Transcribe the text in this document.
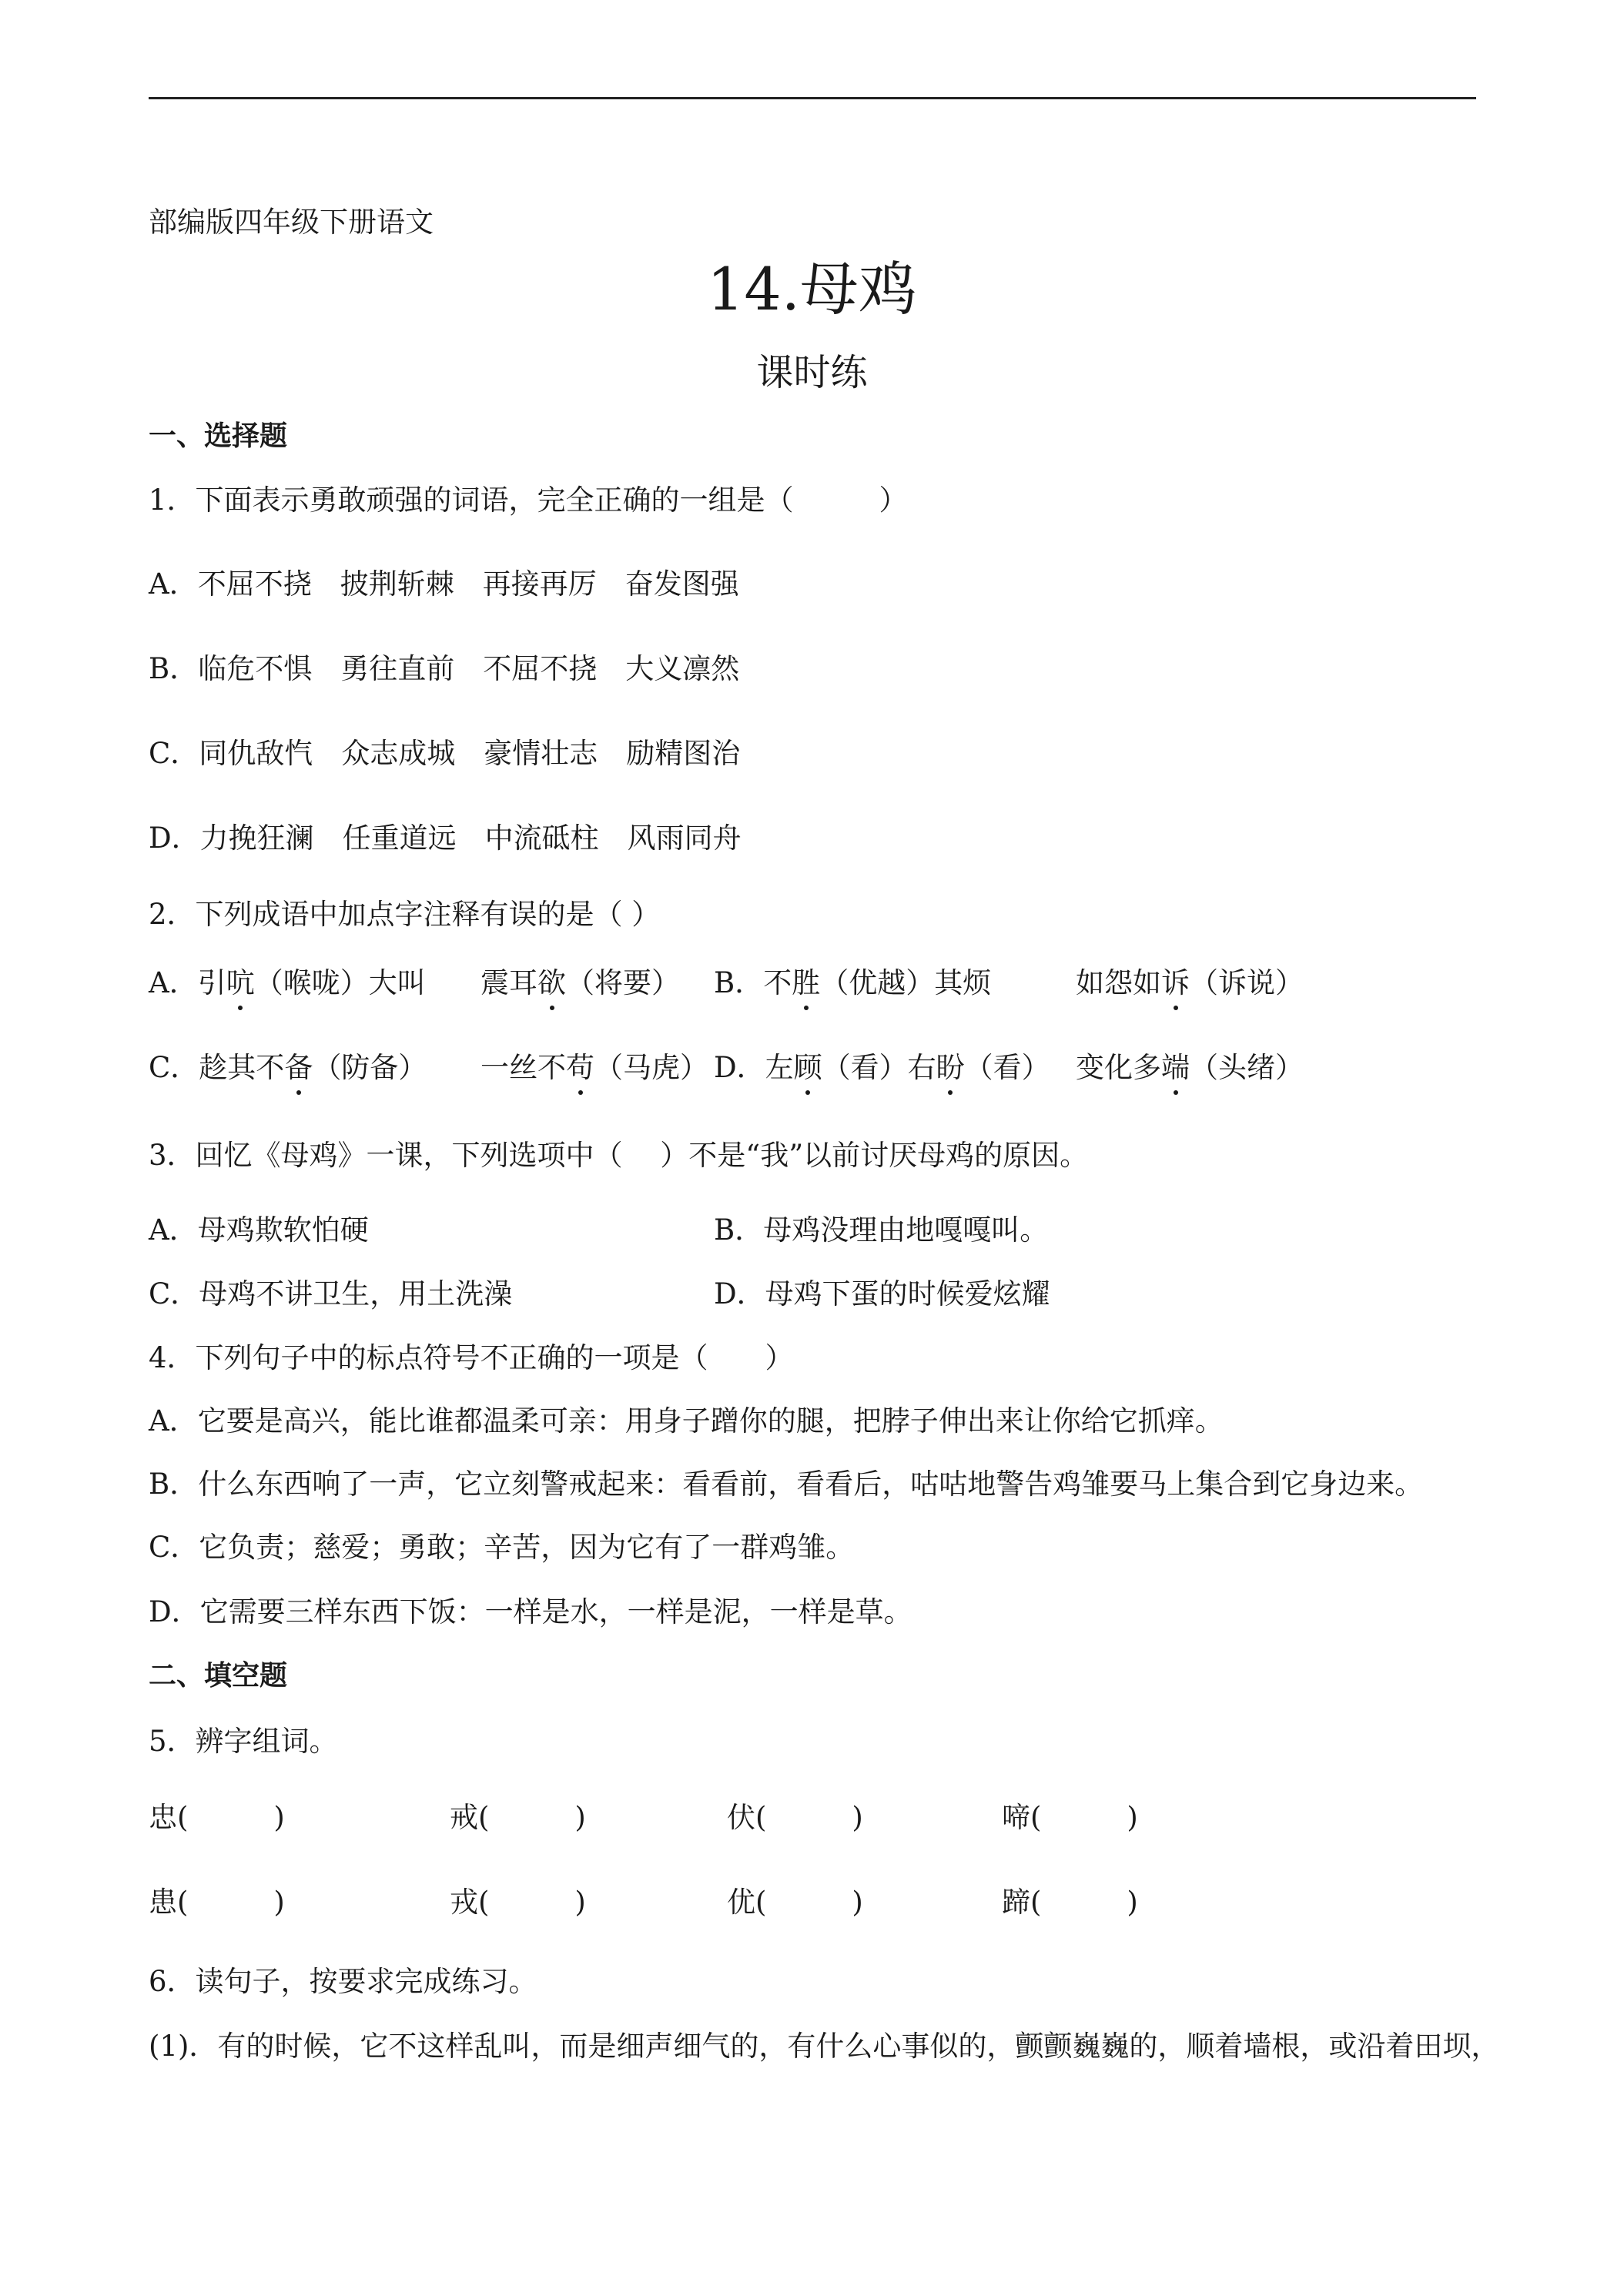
部编版四年级下册语文
14.母鸡
课时练
一、选择题
1．下面表示勇敢顽强的词语，完全正确的一组是（　　　）
A．不屈不挠　披荆斩棘　再接再厉　奋发图强
B．临危不惧　勇往直前　不屈不挠　大义凛然
C．同仇敌忾　众志成城　豪情壮志　励精图治
D．力挽狂澜　任重道远　中流砥柱　风雨同舟
2．下列成语中加点字注释有误的是（ ）
A．引吭（喉咙）大叫 震耳欲（将要） B．不胜（优越）其烦	如怨如诉（诉说）
C．趁其不备（防备） 一丝不苟（马虎） D．左顾（看）右盼（看） 变化多端（头绪）
3．回忆《母鸡》一课，下列选项中（　 ）不是“我”以前讨厌母鸡的原因。
A．母鸡欺软怕硬	B．母鸡没理由地嘎嘎叫。
C．母鸡不讲卫生，用土洗澡	D．母鸡下蛋的时候爱炫耀
4．下列句子中的标点符号不正确的一项是（　　）
A．它要是高兴，能比谁都温柔可亲：用身子蹭你的腿，把脖子伸出来让你给它抓痒。
B．什么东西响了一声，它立刻警戒起来：看看前，看看后，咕咕地警告鸡雏要马上集合到它身边来。
C．它负责；慈爱；勇敢；辛苦，因为它有了一群鸡雏。
D．它需要三样东西下饭：一样是水，一样是泥，一样是草。
二、填空题
5．辨字组词。
忠(　　　)	戒(　　　)	伏(　　　)	啼(　　　)
患(　　　)	戎(　　　)	优(　　　)	蹄(　　　)
6．读句子，按要求完成练习。
(1)．有的时候，它不这样乱叫，而是细声细气的，有什么心事似的，颤颤巍巍的，顺着墙根，或沿着田坝，
